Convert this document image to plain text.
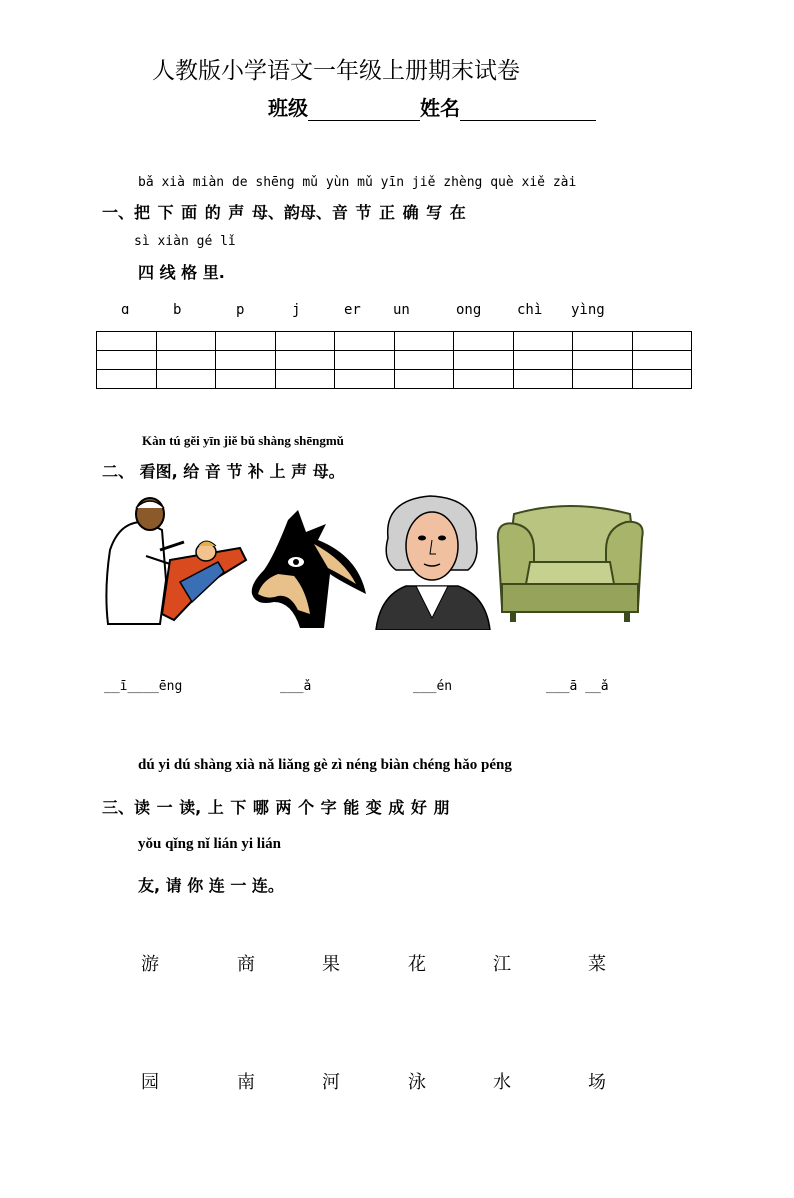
人教版小学语文一年级上册期末试卷
班级	姓名
bǎ xià miàn de shēng mǔ yùn mǔ yīn jiě zhèng què xiě zài
一、把 下 面 的 声 母、韵母、音 节 正 确 写 在
sì xiàn gé lǐ
四 线 格 里.
ɑ	b	p	j	er un	ong	chì yìng

Kàn tú gěi yīn jiě bǔ shàng shēngmǔ
二、 看图, 给 音 节 补 上 声 母。
__ī____ēng	___ǎ	___én	___ā __ǎ
dú yi dú shàng xià nǎ liǎng gè zì néng biàn chéng hǎo péng
三、读 一 读, 上 下 哪 两 个 字 能 变 成 好 朋
yǒu qǐng nǐ lián yi lián
友, 请 你 连 一 连。
游	商	果	花	江	菜
园	南	河	泳	水	场
